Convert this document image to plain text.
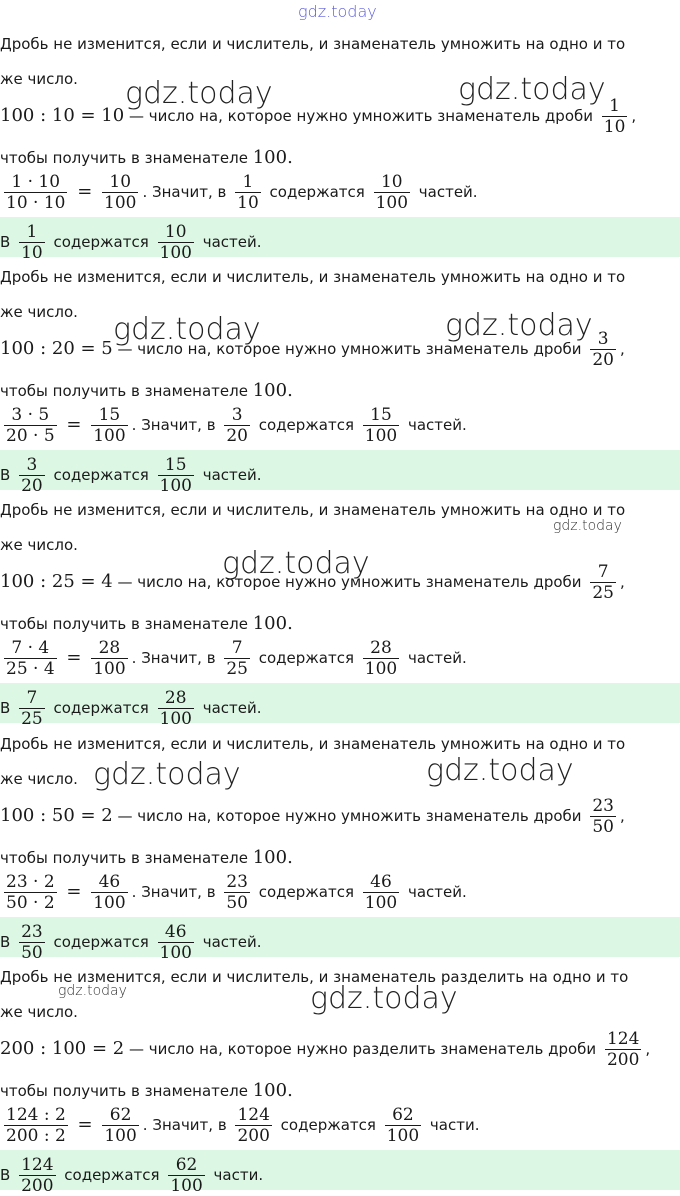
gdz.today
gdz.today	gdz.today
gdz.today	gdz.today
gdz.today
gdz.today
gdz.today	gdz.today
gdz.today	gdz.today
Дробь не изменится, если и числитель, и знаменатель умножить на одно и то
же число.
100 : 10 = 10 — число на, которое нужно умножить знаменатель дроби $\frac{1}{10}$ ,
чтобы получить в знаменателе 100.
$\frac{1 \cdot 10}{10 \cdot 10} = \frac{10}{100}$ . Значит, в $\frac{1}{10}$ содержатся $\frac{10}{100}$ частей.
В $\frac{1}{10}$ содержатся $\frac{10}{100}$ частей.
Дробь не изменится, если и числитель, и знаменатель умножить на одно и то
же число.
100 : 20 = 5 — число на, которое нужно умножить знаменатель дроби $\frac{3}{20}$ ,
чтобы получить в знаменателе 100.
$\frac{3 \cdot 5}{20 \cdot 5} = \frac{15}{100}$ . Значит, в $\frac{3}{20}$ содержатся $\frac{15}{100}$ частей.
В $\frac{3}{20}$ содержатся $\frac{15}{100}$ частей.
Дробь не изменится, если и числитель, и знаменатель умножить на одно и то
же число.
100 : 25 = 4 — число на, которое нужно умножить знаменатель дроби $\frac{7}{25}$ ,
чтобы получить в знаменателе 100.
$\frac{7 \cdot 4}{25 \cdot 4} = \frac{28}{100}$ . Значит, в $\frac{7}{25}$ содержатся $\frac{28}{100}$ частей.
В $\frac{7}{25}$ содержатся $\frac{28}{100}$ частей.
Дробь не изменится, если и числитель, и знаменатель умножить на одно и то
же число.
100 : 50 = 2 — число на, которое нужно умножить знаменатель дроби $\frac{23}{50}$ ,
чтобы получить в знаменателе 100.
$\frac{23 \cdot 2}{50 \cdot 2} = \frac{46}{100}$ . Значит, в $\frac{23}{50}$ содержатся $\frac{46}{100}$ частей.
В $\frac{23}{50}$ содержатся $\frac{46}{100}$ частей.
Дробь не изменится, если и числитель, и знаменатель разделить на одно и то
же число.
200 : 100 = 2 — число на, которое нужно разделить знаменатель дроби $\frac{124}{200}$ ,
чтобы получить в знаменателе 100.
$\frac{124 : 2}{200 : 2} = \frac{62}{100}$ . Значит, в $\frac{124}{200}$ содержатся $\frac{62}{100}$ части.
В $\frac{124}{200}$ содержатся $\frac{62}{100}$ части.
